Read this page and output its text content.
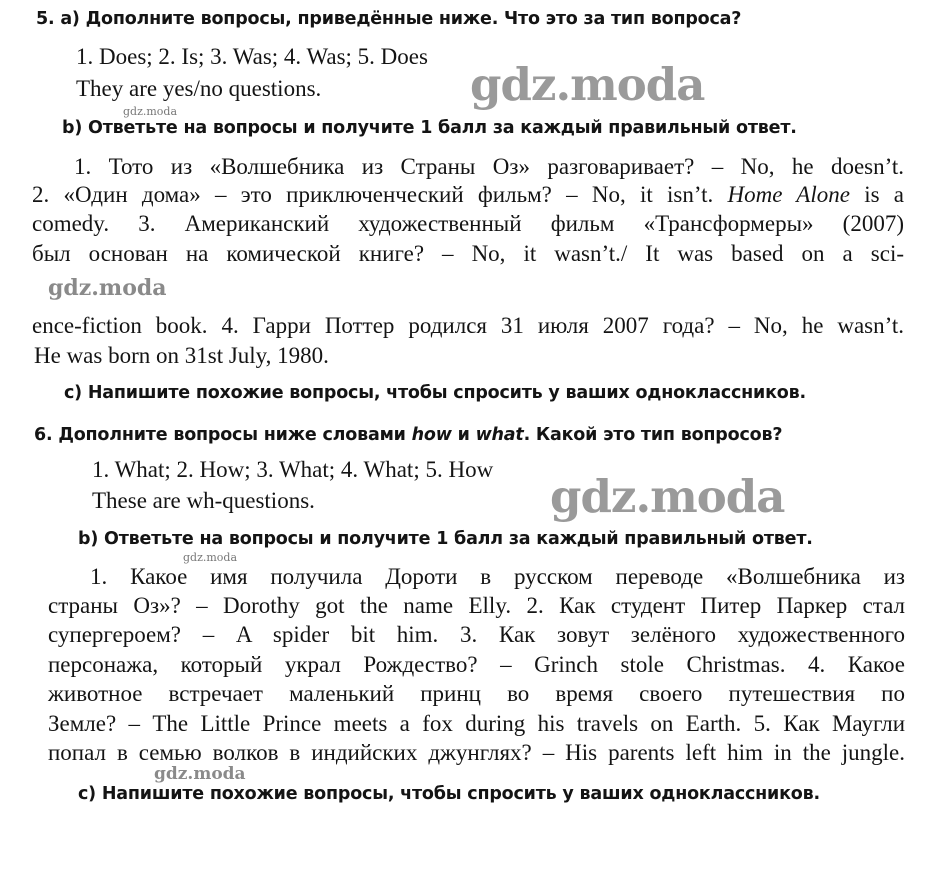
5. а) Дополните вопросы, приведённые ниже. Что это за тип вопроса?
1. Does; 2. Is; 3. Was; 4. Was; 5. Does
They are yes/no questions.	gdz.moda
gdz.moda
b) Ответьте на вопросы и получите 1 балл за каждый правильный ответ.
1. Тото из «Волшебника из Страны Оз» разговаривает? – No, he doesn’t.
2. «Один дома» – это приключенческий фильм? – No, it isn’t. Home Alone is a
comedy. 3. Американский художественный фильм «Трансформеры» (2007)
был основан на комической книге? – No, it wasn’t./ It was based on a sci-
gdz.moda
ence-fiction book. 4. Гарри Поттер родился 31 июля 2007 года? – No, he wasn’t.
He was born on 31st July, 1980.
c) Напишите похожие вопросы, чтобы спросить у ваших одноклассников.
6. Дополните вопросы ниже словами how и what. Какой это тип вопросов?
1. What; 2. How; 3. What; 4. What; 5. How
These are wh-questions.	gdz.moda
b) Ответьте на вопросы и получите 1 балл за каждый правильный ответ.
gdz.moda
1. Какое имя получила Дороти в русском переводе «Волшебника из
страны Оз»? – Dorothy got the name Elly. 2. Как студент Питер Паркер стал
супергероем? – A spider bit him. 3. Как зовут зелёного художественного
персонажа, который украл Рождество? – Grinch stole Christmas. 4. Какое
животное встречает маленький принц во время своего путешествия по
Земле? – The Little Prince meets a fox during his travels on Earth. 5. Как Маугли
попал в семью волков в индийских джунглях? – His parents left him in the jungle.
gdz.moda
c) Напишите похожие вопросы, чтобы спросить у ваших одноклассников.
